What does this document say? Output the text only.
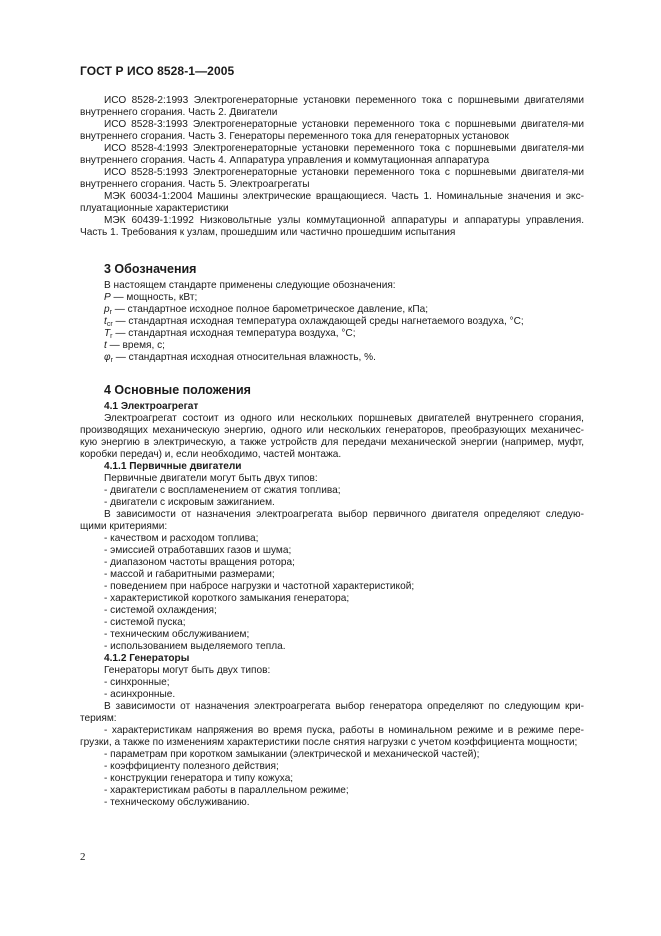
ГОСТ Р ИСО 8528-1—2005

ИСО 8528-2:1993 Электрогенераторные установки переменного тока с поршневыми двигателями внутреннего сгорания. Часть 2. Двигатели

ИСО 8528-3:1993 Электрогенераторные установки переменного тока с поршневыми двигателя-ми внутреннего сгорания. Часть 3. Генераторы переменного тока для генераторных установок

ИСО 8528-4:1993 Электрогенераторные установки переменного тока с поршневыми двигателя-ми внутреннего сгорания. Часть 4. Аппаратура управления и коммутационная аппаратура

ИСО 8528-5:1993 Электрогенераторные установки переменного тока с поршневыми двигателя-ми внутреннего сгорания. Часть 5. Электроагрегаты

МЭК 60034-1:2004 Машины электрические вращающиеся. Часть 1. Номинальные значения и экс-плуатационные характеристики

МЭК 60439-1:1992 Низковольтные узлы коммутационной аппаратуры и аппаратуры управления. Часть 1. Требования к узлам, прошедшим или частично прошедшим испытания

3 Обозначения

В настоящем стандарте применены следующие обозначения:

P — мощность, кВт;

$p_r$ — стандартное исходное полное барометрическое давление, кПа;

$t_{cr}$ — стандартная исходная температура охлаждающей среды нагнетаемого воздуха, °C;

$T_r$ — стандартная исходная температура воздуха, °C;

t — время, с;

$\varphi_r$ — стандартная исходная относительная влажность, %.

4 Основные положения

4.1 Электроагрегат

Электроагрегат состоит из одного или нескольких поршневых двигателей внутреннего сгорания, производящих механическую энергию, одного или нескольких генераторов, преобразующих механичес-кую энергию в электрическую, а также устройств для передачи механической энергии (например, муфт, коробки передач) и, если необходимо, частей монтажа.

4.1.1 Первичные двигатели

Первичные двигатели могут быть двух типов:

- двигатели с воспламенением от сжатия топлива;

- двигатели с искровым зажиганием.

В зависимости от назначения электроагрегата выбор первичного двигателя определяют следую-щими критериями:

- качеством и расходом топлива;

- эмиссией отработавших газов и шума;

- диапазоном частоты вращения ротора;

- массой и габаритными размерами;

- поведением при набросе нагрузки и частотной характеристикой;

- характеристикой короткого замыкания генератора;

- системой охлаждения;

- системой пуска;

- техническим обслуживанием;

- использованием выделяемого тепла.

4.1.2 Генераторы

Генераторы могут быть двух типов:

- синхронные;

- асинхронные.

В зависимости от назначения электроагрегата выбор генератора определяют по следующим кри-териям:

- характеристикам напряжения во время пуска, работы в номинальном режиме и в режиме пере-грузки, а также по изменениям характеристики после снятия нагрузки с учетом коэффициента мощности;

- параметрам при коротком замыкании (электрической и механической частей);

- коэффициенту полезного действия;

- конструкции генератора и типу кожуха;

- характеристикам работы в параллельном режиме;

- техническому обслуживанию.

2
